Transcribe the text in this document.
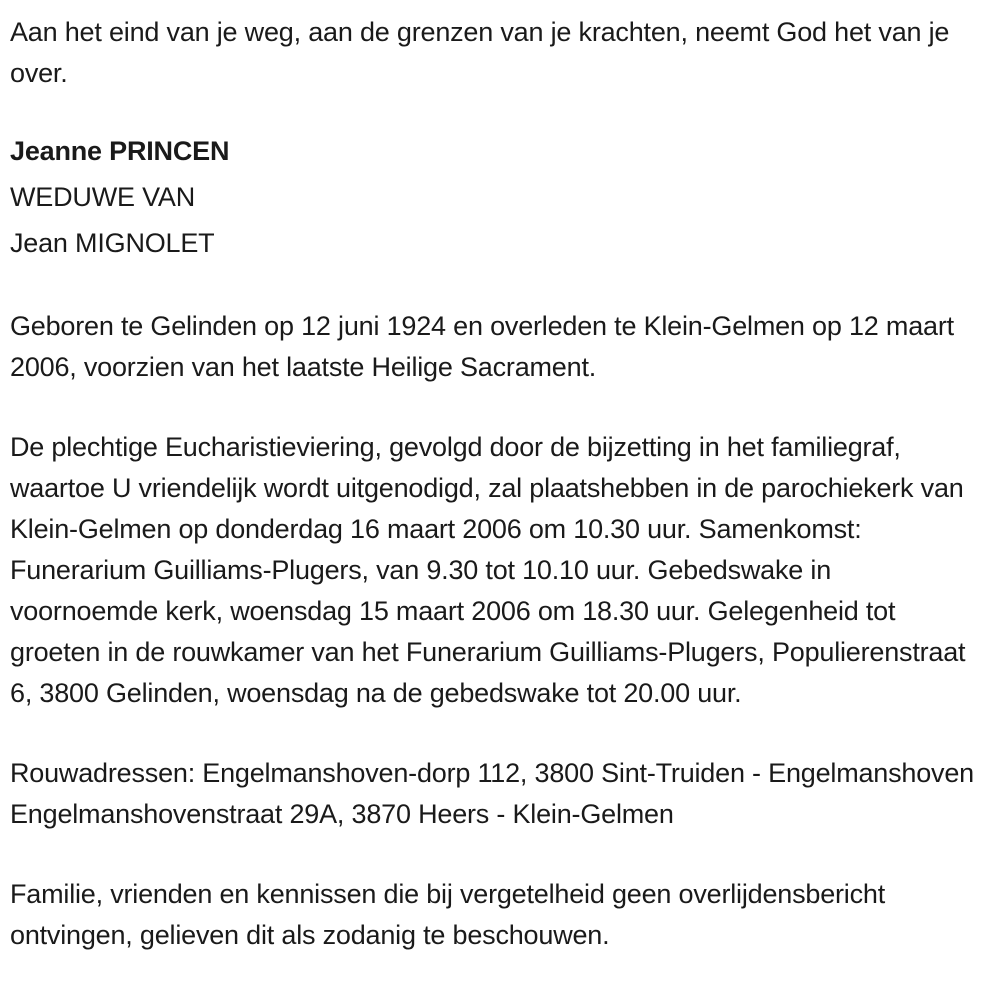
Aan het eind van je weg, aan de grenzen van je krachten, neemt God het van je over.

Jeanne PRINCEN

WEDUWE VAN

Jean MIGNOLET

Geboren te Gelinden op 12 juni 1924 en overleden te Klein-Gelmen op 12 maart 2006, voorzien van het laatste Heilige Sacrament.

De plechtige Eucharistieviering, gevolgd door de bijzetting in het familiegraf, waartoe U vriendelijk wordt uitgenodigd, zal plaatshebben in de parochiekerk van Klein-Gelmen op donderdag 16 maart 2006 om 10.30 uur. Samenkomst: Funerarium Guilliams-Plugers, van 9.30 tot 10.10 uur. Gebedswake in voornoemde kerk, woensdag 15 maart 2006 om 18.30 uur. Gelegenheid tot groeten in de rouwkamer van het Funerarium Guilliams-Plugers, Populierenstraat 6, 3800 Gelinden, woensdag na de gebedswake tot 20.00 uur.

Rouwadressen: Engelmanshoven-dorp 112, 3800 Sint-Truiden - Engelmanshoven Engelmanshovenstraat 29A, 3870 Heers - Klein-Gelmen

Familie, vrienden en kennissen die bij vergetelheid geen overlijdensbericht ontvingen, gelieven dit als zodanig te beschouwen.
